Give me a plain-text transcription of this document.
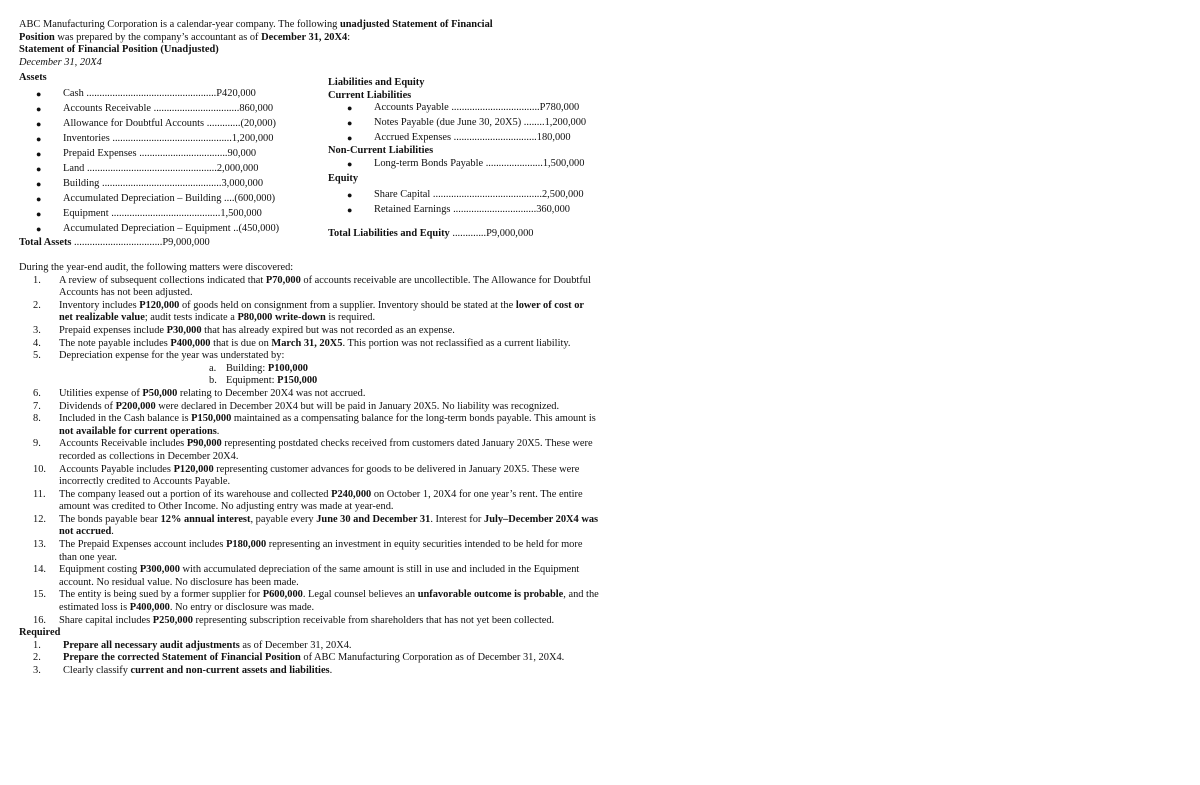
ABC Manufacturing Corporation is a calendar-year company. The following unadjusted Statement of Financial
Position was prepared by the company’s accountant as of December 31, 20X4:
Statement of Financial Position (Unadjusted)
December 31, 20X4
Assets
● Cash ..................................................P420,000
● Accounts Receivable .................................860,000
● Allowance for Doubtful Accounts .............(20,000)
● Inventories ..............................................1,200,000
● Prepaid Expenses ..................................90,000
● Land ..................................................2,000,000
● Building ..............................................3,000,000
● Accumulated Depreciation – Building ....(600,000)
● Equipment ..........................................1,500,000
● Accumulated Depreciation – Equipment ..(450,000)
Total Assets ..................................P9,000,000
Liabilities and Equity
Current Liabilities
● Accounts Payable ..................................P780,000
● Notes Payable (due June 30, 20X5) ........1,200,000
● Accrued Expenses ................................180,000
Non-Current Liabilities
● Long-term Bonds Payable ......................1,500,000
Equity
● Share Capital ..........................................2,500,000
● Retained Earnings ................................360,000
Total Liabilities and Equity .............P9,000,000
During the year-end audit, the following matters were discovered:
1. A review of subsequent collections indicated that P70,000 of accounts receivable are uncollectible. The Allowance for Doubtful Accounts has not been adjusted.
2. Inventory includes P120,000 of goods held on consignment from a supplier. Inventory should be stated at the lower of cost or net realizable value; audit tests indicate a P80,000 write-down is required.
3. Prepaid expenses include P30,000 that has already expired but was not recorded as an expense.
4. The note payable includes P400,000 that is due on March 31, 20X5. This portion was not reclassified as a current liability.
5. Depreciation expense for the year was understated by:
a. Building: P100,000
b. Equipment: P150,000
6. Utilities expense of P50,000 relating to December 20X4 was not accrued.
7. Dividends of P200,000 were declared in December 20X4 but will be paid in January 20X5. No liability was recognized.
8. Included in the Cash balance is P150,000 maintained as a compensating balance for the long-term bonds payable. This amount is not available for current operations.
9. Accounts Receivable includes P90,000 representing postdated checks received from customers dated January 20X5. These were recorded as collections in December 20X4.
10. Accounts Payable includes P120,000 representing customer advances for goods to be delivered in January 20X5. These were incorrectly credited to Accounts Payable.
11. The company leased out a portion of its warehouse and collected P240,000 on October 1, 20X4 for one year’s rent. The entire amount was credited to Other Income. No adjusting entry was made at year-end.
12. The bonds payable bear 12% annual interest, payable every June 30 and December 31. Interest for July–December 20X4 was not accrued.
13. The Prepaid Expenses account includes P180,000 representing an investment in equity securities intended to be held for more than one year.
14. Equipment costing P300,000 with accumulated depreciation of the same amount is still in use and included in the Equipment account. No residual value. No disclosure has been made.
15. The entity is being sued by a former supplier for P600,000. Legal counsel believes an unfavorable outcome is probable, and the estimated loss is P400,000. No entry or disclosure was made.
16. Share capital includes P250,000 representing subscription receivable from shareholders that has not yet been collected.
Required
1. Prepare all necessary audit adjustments as of December 31, 20X4.
2. Prepare the corrected Statement of Financial Position of ABC Manufacturing Corporation as of December 31, 20X4.
3. Clearly classify current and non-current assets and liabilities.
